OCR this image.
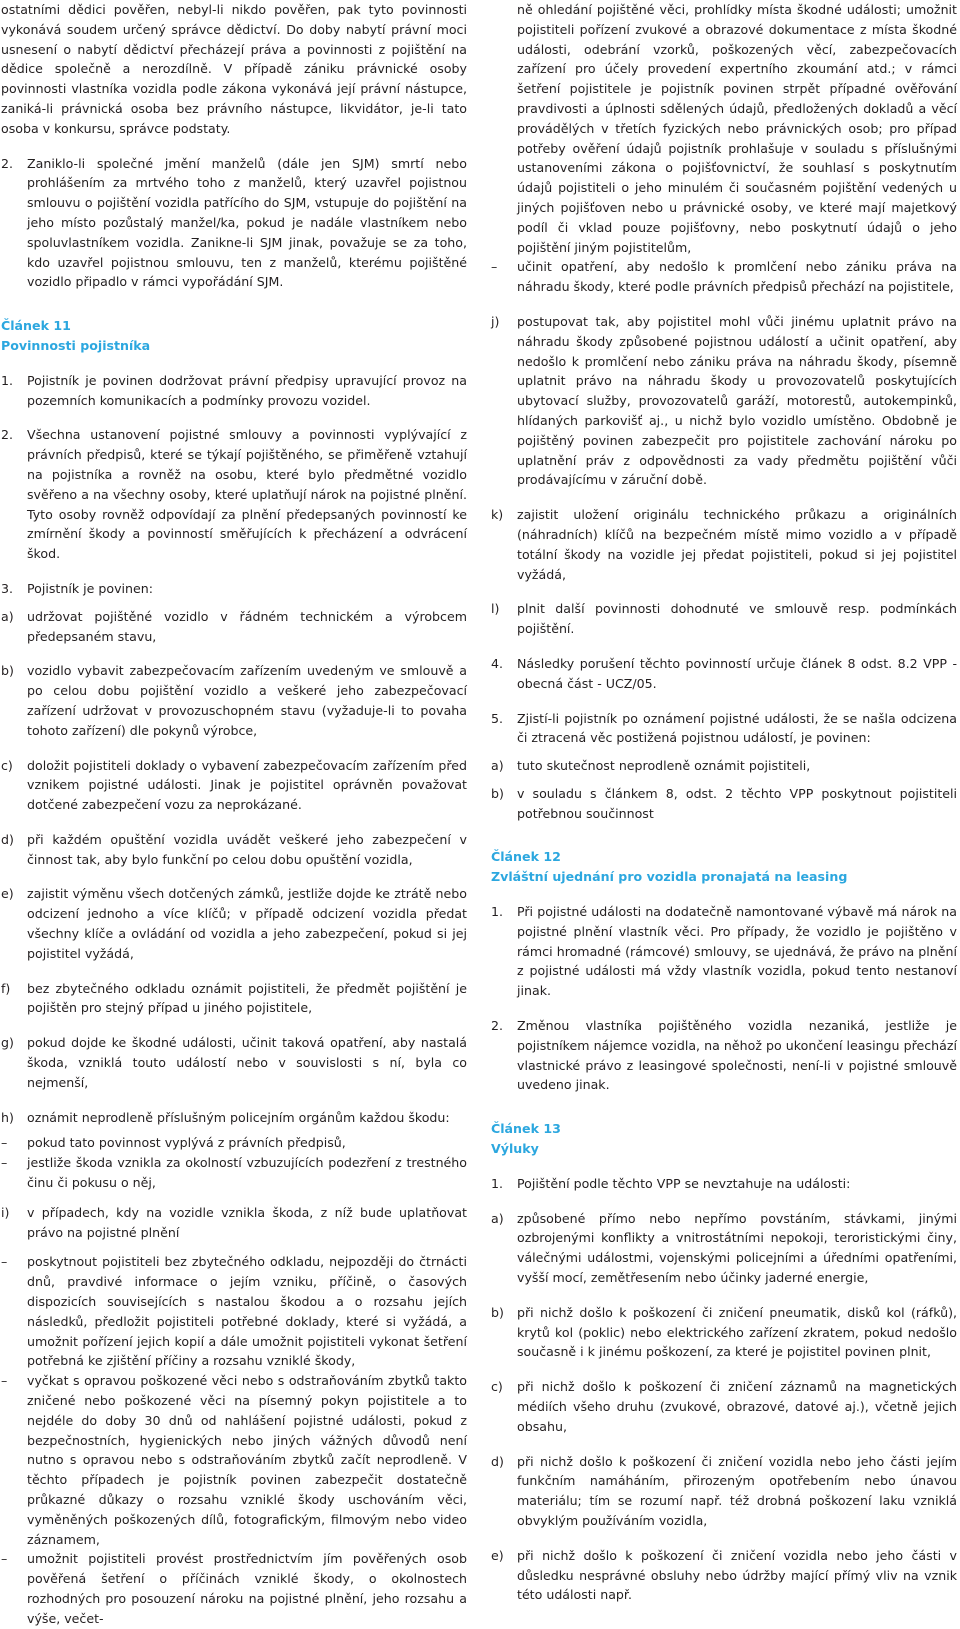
ostatními dědici pověřen, nebyl-li nikdo pověřen, pak tyto povinnosti vykonává soudem určený správce dědictví. Do doby nabytí právní moci usnesení o nabytí dědictví přecházejí práva a povinnosti z pojištění na dědice společně a nerozdílně. V případě zániku právnické osoby povinnosti vlastníka vozidla podle zákona vykonává její právní nástupce, zaniká-li právnická osoba bez právního nástupce, likvidátor, je-li tato osoba v konkursu, správce podstaty.

2.	Zaniklo-li společné jmění manželů (dále jen SJM) smrtí nebo prohlášením za mrtvého toho z manželů, který uzavřel pojistnou smlouvu o pojištění vozidla patřícího do SJM, vstupuje do pojištění na jeho místo pozůstalý manžel/ka, pokud je nadále vlastníkem nebo spoluvlastníkem vozidla. Zanikne-li SJM jinak, považuje se za toho, kdo uzavřel pojistnou smlouvu, ten z manželů, kterému pojištěné vozidlo připadlo v rámci vypořádání SJM.

Článek 11

Povinnosti pojistníka

1.	Pojistník je povinen dodržovat právní předpisy upravující provoz na pozemních komunikacích a podmínky provozu vozidel.
2.	Všechna ustanovení pojistné smlouvy a povinnosti vyplývající z právních předpisů, které se týkají pojištěného, se přiměřeně vztahují na pojistníka a rovněž na osobu, které bylo předmětné vozidlo svěřeno a na všechny osoby, které uplatňují nárok na pojistné plnění. Tyto osoby rovněž odpovídají za plnění předepsaných povinností ke zmírnění škody a povinností směřujících k přecházení a odvrácení škod.
3.	Pojistník je povinen:
a)	udržovat pojištěné vozidlo v řádném technickém a výrobcem předepsaném stavu,
b)	vozidlo vybavit zabezpečovacím zařízením uvedeným ve smlouvě a po celou dobu pojištění vozidlo a veškeré jeho zabezpečovací zařízení udržovat v provozuschopném stavu (vyžaduje-li to povaha tohoto zařízení) dle pokynů výrobce,
c)	doložit pojistiteli doklady o vybavení zabezpečovacím zařízením před vznikem pojistné události. Jinak je pojistitel oprávněn považovat dotčené zabezpečení vozu za neprokázané.
d)	při každém opuštění vozidla uvádět veškeré jeho zabezpečení v činnost tak, aby bylo funkční po celou dobu opuštění vozidla,
e)	zajistit výměnu všech dotčených zámků, jestliže dojde ke ztrátě nebo odcizení jednoho a více klíčů; v případě odcizení vozidla předat všechny klíče a ovládání od vozidla a jeho zabezpečení, pokud si jej pojistitel vyžádá,
f)	bez zbytečného odkladu oznámit pojistiteli, že předmět pojištění je pojištěn pro stejný případ u jiného pojistitele,
g)	pokud dojde ke škodné události, učinit taková opatření, aby nastalá škoda, vzniklá touto událostí nebo v souvislosti s ní, byla co nejmenší,
h)	oznámit neprodleně příslušným policejním orgánům každou škodu:
–	pokud tato povinnost vyplývá z právních předpisů,
–	jestliže škoda vznikla za okolností vzbuzujících podezření z trestného činu či pokusu o něj,
i)	v případech, kdy na vozidle vznikla škoda, z níž bude uplatňovat právo na pojistné plnění
–	poskytnout pojistiteli bez zbytečného odkladu, nejpozději do čtrnácti dnů, pravdivé informace o jejím vzniku, příčině, o časových dispozicích souvisejících s nastalou škodou a o rozsahu jejích následků, předložit pojistiteli potřebné doklady, které si vyžádá, a umožnit pořízení jejich kopií a dále umožnit pojistiteli vykonat šetření potřebná ke zjištění příčiny a rozsahu vzniklé škody,
–	vyčkat s opravou poškozené věci nebo s odstraňováním zbytků takto zničené nebo poškozené věci na písemný pokyn pojistitele a to nejdéle do doby 30 dnů od nahlášení pojistné události, pokud z bezpečnostních, hygienických nebo jiných vážných důvodů není nutno s opravou nebo s odstraňováním zbytků začít neprodleně. V těchto případech je pojistník povinen zabezpečit dostatečně průkazné důkazy o rozsahu vzniklé škody uschováním věci, vyměněných poškozených dílů, fotografickým, filmovým nebo video záznamem,
–	umožnit pojistiteli provést prostřednictvím jím pověřených osob pověřená šetření o příčinách vzniklé škody, o okolnostech rozhodných pro posouzení nároku na pojistné plnění, jeho rozsahu a výše, večet-
ně ohledání pojištěné věci, prohlídky místa škodné události; umožnit pojistiteli pořízení zvukové a obrazové dokumentace z místa škodné události, odebrání vzorků, poškozených věcí, zabezpečovacích zařízení pro účely provedení expertního zkoumání atd.; v rámci šetření pojistitele je pojistník povinen strpět případné ověřování pravdivosti a úplnosti sdělených údajů, předložených dokladů a věcí provádělých v třetích fyzických nebo právnických osob; pro případ potřeby ověření údajů pojistník prohlašuje v souladu s příslušnými ustanoveními zákona o pojišťovnictví, že souhlasí s poskytnutím údajů pojistiteli o jeho minulém či současném pojištění vedených u jiných pojišťoven nebo u právnické osoby, ve které mají majetkový podíl či vklad pouze pojišťovny, nebo poskytnutí údajů o jeho pojištění jiným pojistitelům,
–	učinit opatření, aby nedošlo k promlčení nebo zániku práva na náhradu škody, které podle právních předpisů přechází na pojistitele,
j)	postupovat tak, aby pojistitel mohl vůči jinému uplatnit právo na náhradu škody způsobené pojistnou událostí a učinit opatření, aby nedošlo k promlčení nebo zániku práva na náhradu škody, písemně uplatnit právo na náhradu škody u provozovatelů poskytujících ubytovací služby, provozovatelů garáží, motorestů, autokempinků, hlídaných parkovišť aj., u nichž bylo vozidlo umístěno. Obdobně je pojištěný povinen zabezpečit pro pojistitele zachování nároku po uplatnění práv z odpovědnosti za vady předmětu pojištění vůči prodávajícímu v záruční době.
k)	zajistit uložení originálu technického průkazu a originálních (náhradních) klíčů na bezpečném místě mimo vozidlo a v případě totální škody na vozidle jej předat pojistiteli, pokud si jej pojistitel vyžádá,
l)	plnit další povinnosti dohodnuté ve smlouvě resp. podmínkách pojištění.
4.	Následky porušení těchto povinností určuje článek 8 odst. 8.2 VPP - obecná část - UCZ/05.
5.	Zjistí-li pojistník po oznámení pojistné události, že se našla odcizena či ztracená věc postižená pojistnou událostí, je povinen:
a)	tuto skutečnost neprodleně oznámit pojistiteli,
b)	v souladu s článkem 8, odst. 2 těchto VPP poskytnout pojistiteli potřebnou součinnost

Článek 12

Zvláštní ujednání pro vozidla pronajatá na leasing

1.	Při pojistné události na dodatečně namontované výbavě má nárok na pojistné plnění vlastník věci. Pro případy, že vozidlo je pojištěno v rámci hromadné (rámcové) smlouvy, se ujednává, že právo na plnění z pojistné události má vždy vlastník vozidla, pokud tento nestanoví jinak.
2.	Změnou vlastníka pojištěného vozidla nezaniká, jestliže je pojistníkem nájemce vozidla, na něhož po ukončení leasingu přechází vlastnické právo z leasingové společnosti, není-li v pojistné smlouvě uvedeno jinak.

Článek 13

Výluky

1.	Pojištění podle těchto VPP se nevztahuje na události:
a)	způsobené přímo nebo nepřímo povstáním, stávkami, jinými ozbrojenými konflikty a vnitrostátními nepokoji, teroristickými činy, válečnými událostmi, vojenskými policejními a úředními opatřeními, vyšší mocí, zemětřesením nebo účinky jaderné energie,
b)	při nichž došlo k poškození či zničení pneumatik, disků kol (ráfků), krytů kol (poklic) nebo elektrického zařízení zkratem, pokud nedošlo současně i k jinému poškození, za které je pojistitel povinen plnit,
c)	při nichž došlo k poškození či zničení záznamů na magnetických médiích všeho druhu (zvukové, obrazové, datové aj.), včetně jejich obsahu,
d)	při nichž došlo k poškození či zničení vozidla nebo jeho části jejím funkčním namáháním, přirozeným opotřebením nebo únavou materiálu; tím se rozumí např. též drobná poškození laku vzniklá obvyklým používáním vozidla,
e)	při nichž došlo k poškození či zničení vozidla nebo jeho části v důsledku nesprávné obsluhy nebo údržby mající přímý vliv na vznik této události např.
